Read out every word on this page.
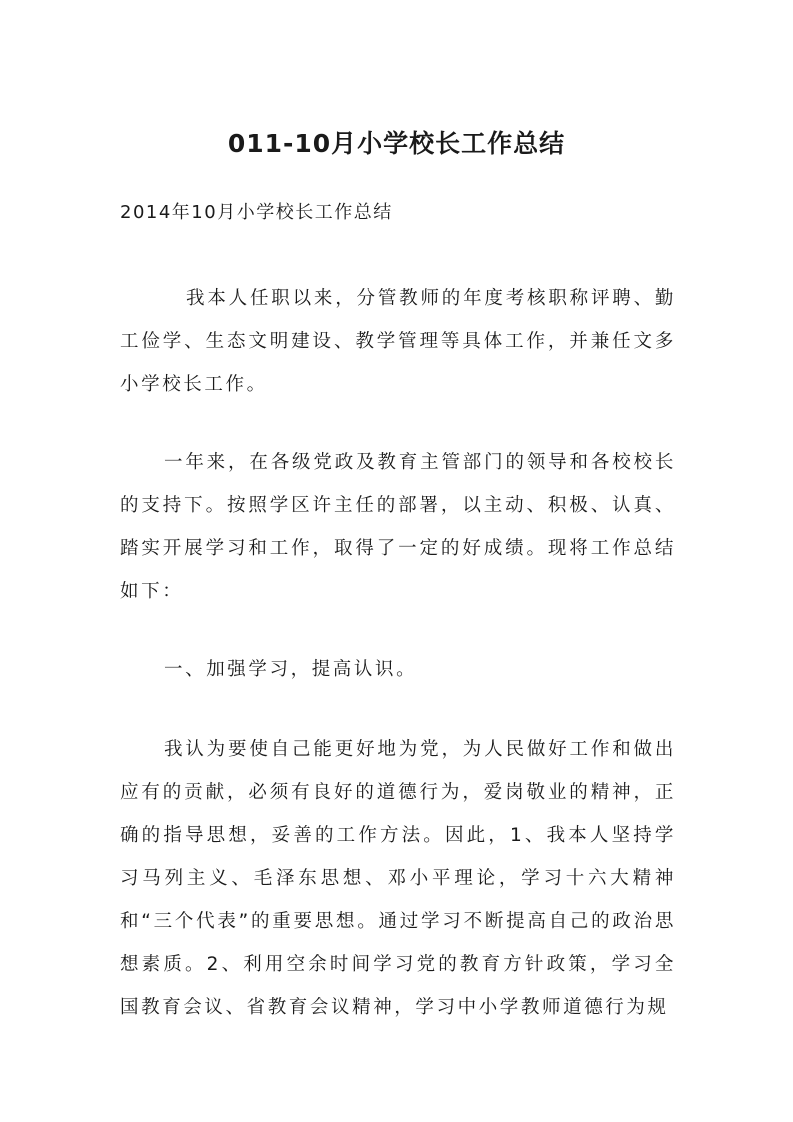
011-10月小学校长工作总结

2014年10月小学校长工作总结

我本人任职以来，分管教师的年度考核职称评聘、勤工俭学、生态文明建设、教学管理等具体工作，并兼任文多小学校长工作。

一年来，在各级党政及教育主管部门的领导和各校校长的支持下。按照学区许主任的部署，以主动、积极、认真、踏实开展学习和工作，取得了一定的好成绩。现将工作总结如下：

一、加强学习，提高认识。

我认为要使自己能更好地为党，为人民做好工作和做出应有的贡献，必须有良好的道德行为，爱岗敬业的精神，正确的指导思想，妥善的工作方法。因此，1、我本人坚持学习马列主义、毛泽东思想、邓小平理论，学习十六大精神和“三个代表”的重要思想。通过学习不断提高自己的政治思想素质。2、利用空余时间学习党的教育方针政策，学习全国教育会议、省教育会议精神，学习中小学教师道德行为规
